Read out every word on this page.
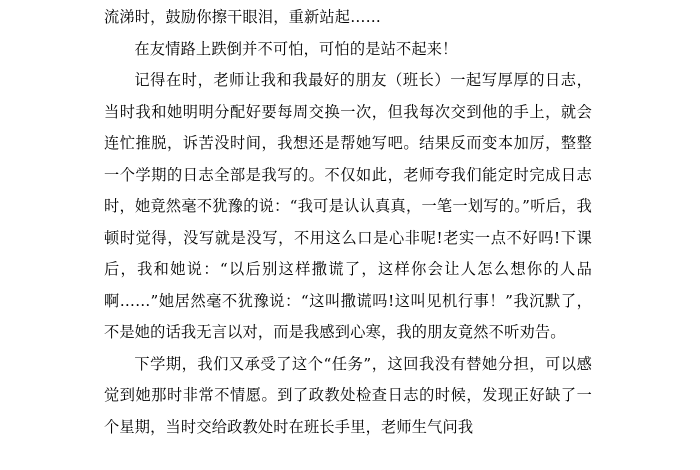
流涕时，鼓励你擦干眼泪，重新站起……

在友情路上跌倒并不可怕，可怕的是站不起来！

记得在时，老师让我和我最好的朋友（班长）一起写厚厚的日志，当时我和她明明分配好要每周交换一次，但我每次交到他的手上，就会连忙推脱，诉苦没时间，我想还是帮她写吧。结果反而变本加厉，整整一个学期的日志全部是我写的。不仅如此，老师夸我们能定时完成日志时，她竟然毫不犹豫的说：“我可是认认真真，一笔一划写的。”听后，我顿时觉得，没写就是没写，不用这么口是心非呢!老实一点不好吗!下课后，我和她说：“以后别这样撒谎了，这样你会让人怎么想你的人品啊……”她居然毫不犹豫说：“这叫撒谎吗!这叫见机行事！”我沉默了，不是她的话我无言以对，而是我感到心寒，我的朋友竟然不听劝告。

下学期，我们又承受了这个“任务”，这回我没有替她分担，可以感觉到她那时非常不情愿。到了政教处检查日志的时候，发现正好缺了一个星期，当时交给政教处时在班长手里，老师生气问我
